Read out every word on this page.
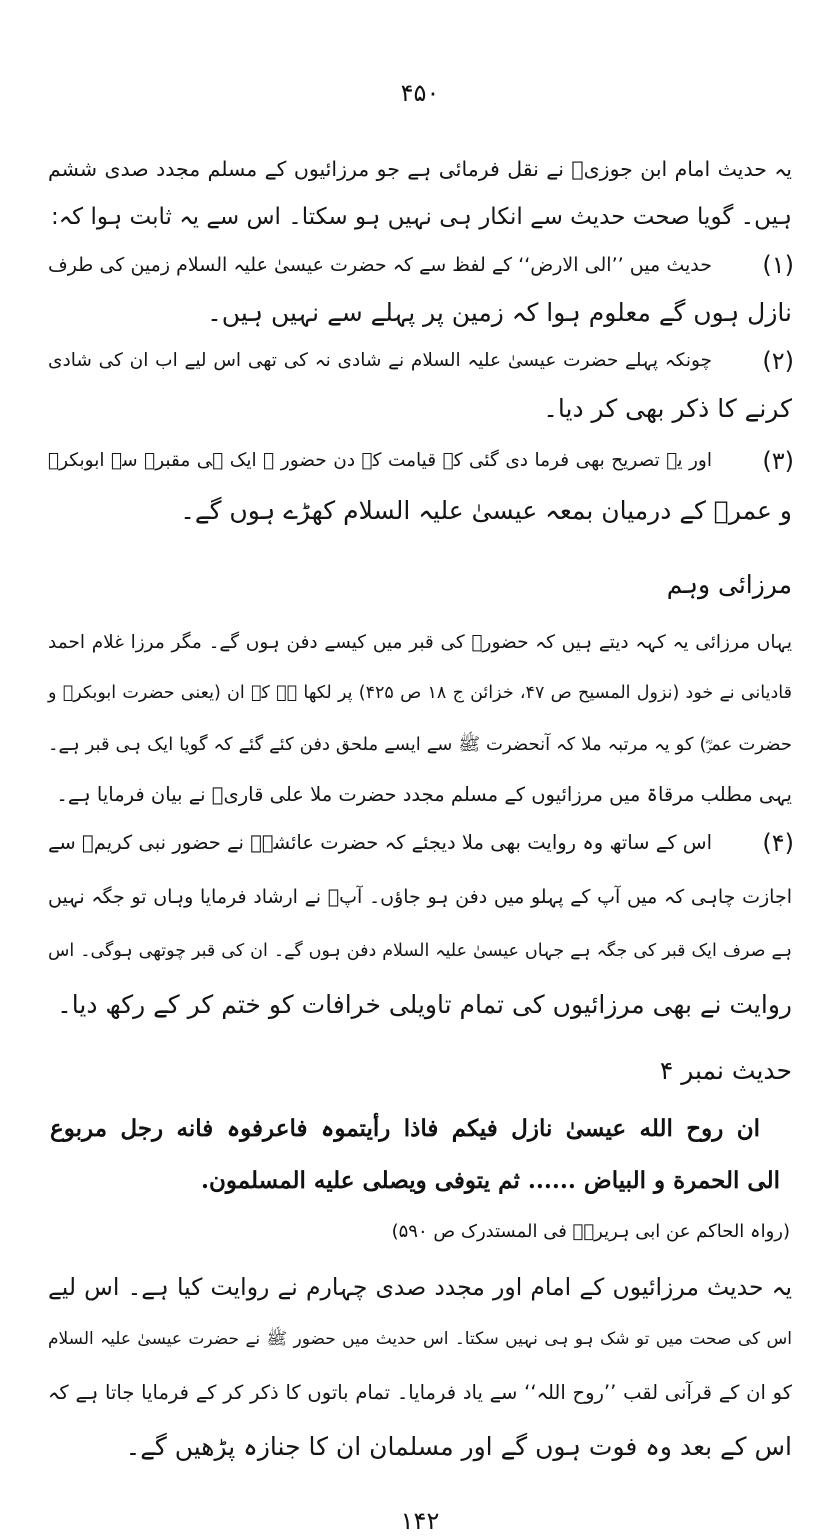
۴۵۰
یہ حدیث امام ابن جوزیؒ نے نقل فرمائی ہے جو مرزائیوں کے مسلم مجدد صدی ششم
ہیں۔ گویا صحت حدیث سے انکار ہی نہیں ہو سکتا۔ اس سے یہ ثابت ہوا کہ:
(۱)
حدیث میں ’’الی الارض‘‘ کے لفظ سے کہ حضرت عیسیٰ علیہ السلام زمین کی طرف
نازل ہوں گے معلوم ہوا کہ زمین پر پہلے سے نہیں ہیں۔
(۲)
چونکہ پہلے حضرت عیسیٰ علیہ السلام نے شادی نہ کی تھی اس لیے اب ان کی شادی
کرنے کا ذکر بھی کر دیا۔
(۳)
اور یہ تصریح بھی فرما دی گئی کہ قیامت کے دن حضور ﷺ ایک ہی مقبرے سے ابوبکرؓ
و عمرؓ کے درمیان بمعہ عیسیٰ علیہ السلام کھڑے ہوں گے۔
مرزائی وہم
یہاں مرزائی یہ کہہ دیتے ہیں کہ حضورؐ کی قبر میں کیسے دفن ہوں گے۔ مگر مرزا غلام احمد
قادیانی نے خود (نزول المسیح ص ۴۷، خزائن ج ۱۸ ص ۴۲۵) پر لکھا ہے کہ ان (یعنی حضرت ابوبکرؓ و
حضرت عمرؓ) کو یہ مرتبہ ملا کہ آنحضرت ﷺ سے ایسے ملحق دفن کئے گئے کہ گویا ایک ہی قبر ہے۔
یہی مطلب مرقاۃ میں مرزائیوں کے مسلم مجدد حضرت ملا علی قاریؒ نے بیان فرمایا ہے۔
(۴)
اس کے ساتھ وہ روایت بھی ملا دیجئے کہ حضرت عائشہؓ نے حضور نبی کریمؐ سے
اجازت چاہی کہ میں آپ کے پہلو میں دفن ہو جاؤں۔ آپؐ نے ارشاد فرمایا وہاں تو جگہ نہیں
ہے صرف ایک قبر کی جگہ ہے جہاں عیسیٰ علیہ السلام دفن ہوں گے۔ ان کی قبر چوتھی ہوگی۔ اس
روایت نے بھی مرزائیوں کی تمام تاویلی خرافات کو ختم کر کے رکھ دیا۔
حدیث نمبر ۴
ان روح الله عیسیٰ نازل فیکم فاذا رأیتموہ فاعرفوہ فانه رجل مربوع
الی الحمرة و البیاض ...... ثم یتوفی ویصلی علیه المسلمون.
(رواہ الحاکم عن ابی ہریرہؓ فی المستدرک ص ۵۹۰)
یہ حدیث مرزائیوں کے امام اور مجدد صدی چہارم نے روایت کیا ہے۔ اس لیے
اس کی صحت میں تو شک ہو ہی نہیں سکتا۔ اس حدیث میں حضور ﷺ نے حضرت عیسیٰ علیہ السلام
کو ان کے قرآنی لقب ’’روح اللہ‘‘ سے یاد فرمایا۔ تمام باتوں کا ذکر کر کے فرمایا جاتا ہے کہ
اس کے بعد وہ فوت ہوں گے اور مسلمان ان کا جنازہ پڑھیں گے۔
۱۴۲
